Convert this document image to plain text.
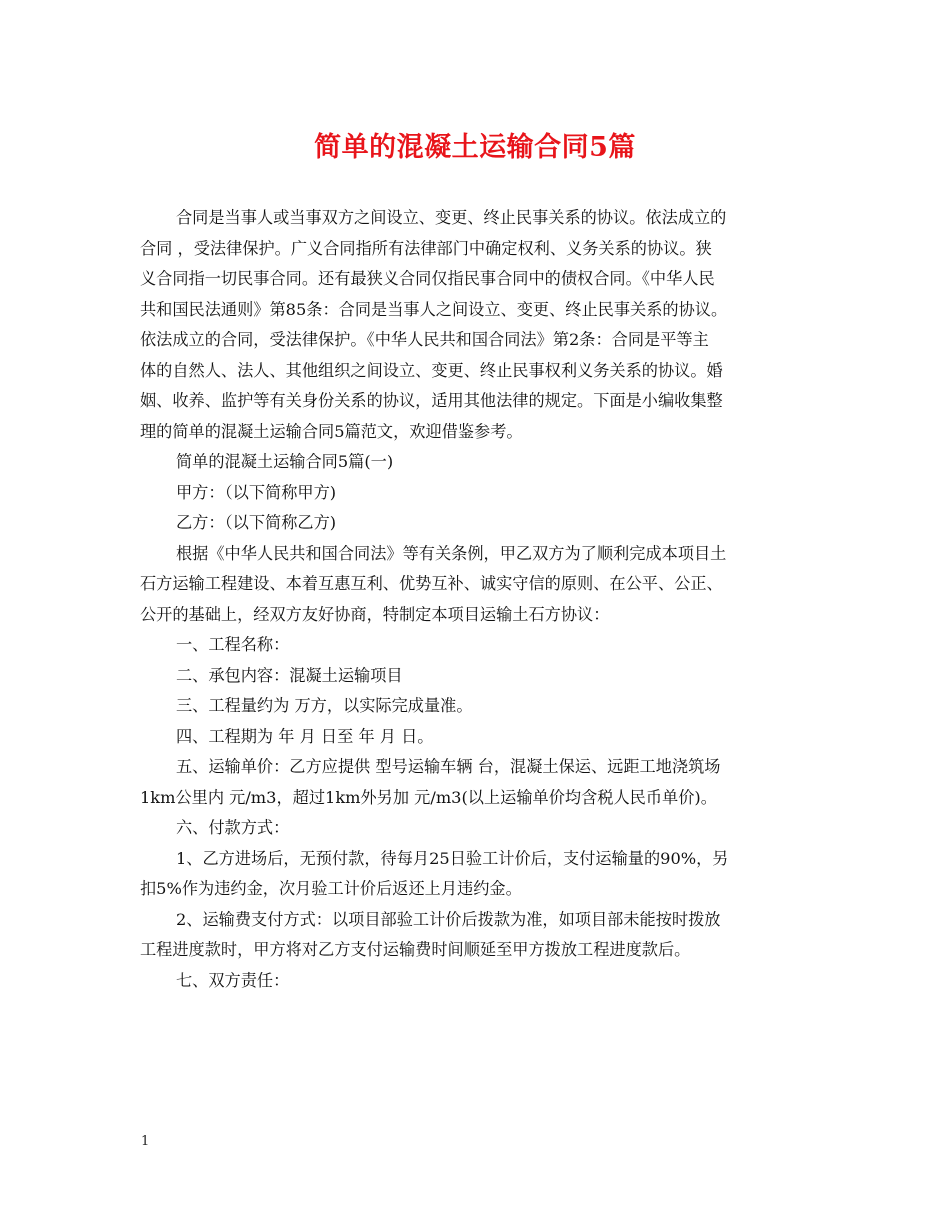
简单的混凝土运输合同5篇
合同是当事人或当事双方之间设立、变更、终止民事关系的协议。依法成立的
合同 ，受法律保护。广义合同指所有法律部门中确定权利、义务关系的协议。狭
义合同指一切民事合同。还有最狭义合同仅指民事合同中的债权合同。《中华人民
共和国民法通则》第85条：合同是当事人之间设立、变更、终止民事关系的协议。
依法成立的合同，受法律保护。《中华人民共和国合同法》第2条：合同是平等主
体的自然人、法人、其他组织之间设立、变更、终止民事权利义务关系的协议。婚
姻、收养、监护等有关身份关系的协议，适用其他法律的规定。下面是小编收集整
理的简单的混凝土运输合同5篇范文，欢迎借鉴参考。
简单的混凝土运输合同5篇(一)
甲方：（以下简称甲方)
乙方：（以下简称乙方)
根据《中华人民共和国合同法》等有关条例，甲乙双方为了顺利完成本项目土
石方运输工程建设、本着互惠互利、优势互补、诚实守信的原则、在公平、公正、
公开的基础上，经双方友好协商，特制定本项目运输土石方协议：
一、工程名称：
二、承包内容：混凝土运输项目
三、工程量约为 万方，以实际完成量准。
四、工程期为 年 月 日至 年 月 日。
五、运输单价：乙方应提供 型号运输车辆 台，混凝土保运、远距工地浇筑场
1km公里内 元/m3，超过1km外另加 元/m3(以上运输单价均含税人民币单价)。
六、付款方式：
1、乙方进场后，无预付款，待每月25日验工计价后，支付运输量的90%，另
扣5%作为违约金，次月验工计价后返还上月违约金。
2、运输费支付方式：以项目部验工计价后拨款为准，如项目部未能按时拨放
工程进度款时，甲方将对乙方支付运输费时间顺延至甲方拨放工程进度款后。
七、双方责任：
1
